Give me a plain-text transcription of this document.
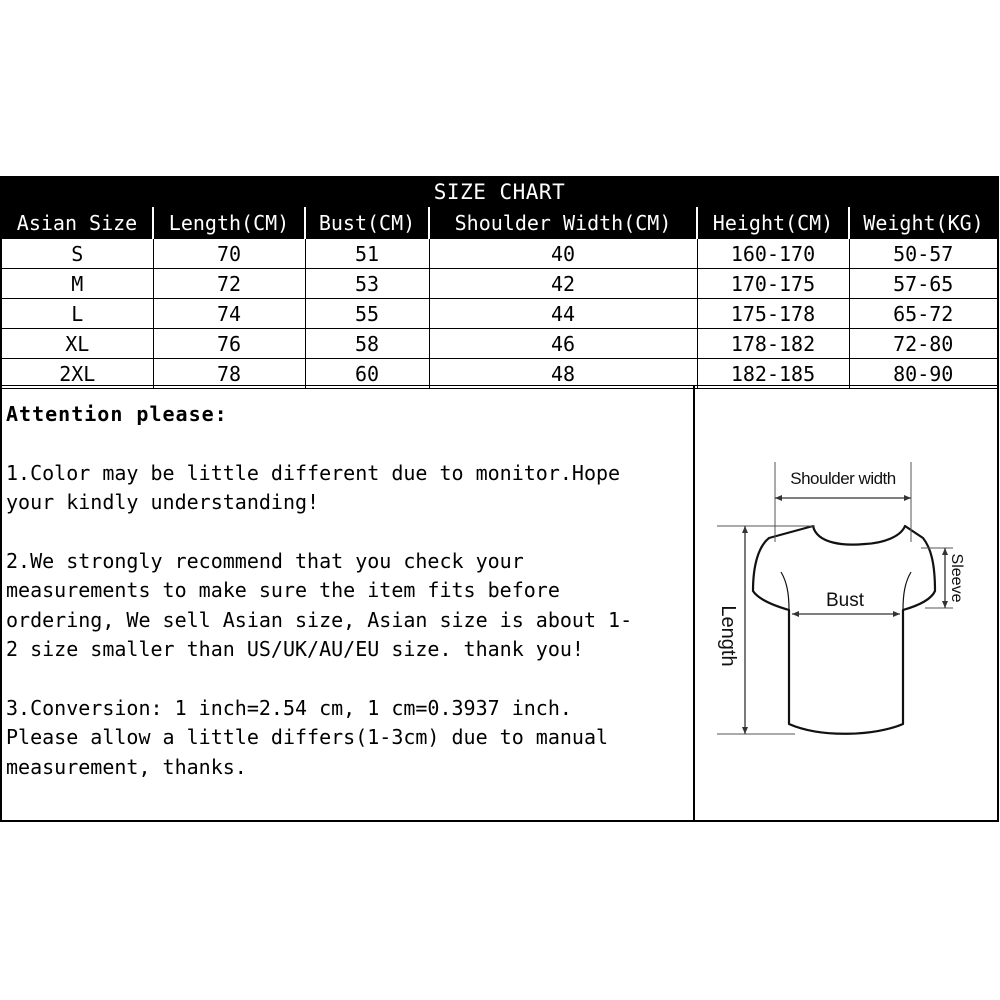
SIZE CHART
Asian Size	Length(CM)	Bust(CM)	Shoulder Width(CM)	Height(CM)	Weight(KG)
S	70	51	40	160-170	50-57
M	72	53	42	170-175	57-65
L	74	55	44	175-178	65-72
XL	76	58	46	178-182	72-80
2XL	78	60	48	182-185	80-90
Attention please:

1.Color may be little different due to monitor.Hope
your kindly understanding!

2.We strongly recommend that you check your
measurements to make sure the item fits before
ordering, We sell Asian size, Asian size is about 1-
2 size smaller than US/UK/AU/EU size. thank you!

3.Conversion: 1 inch=2.54 cm, 1 cm=0.3937 inch.
Please allow a little differs(1-3cm) due to manual
measurement, thanks.

Shoulder width
Bust
Length
Sleeve
